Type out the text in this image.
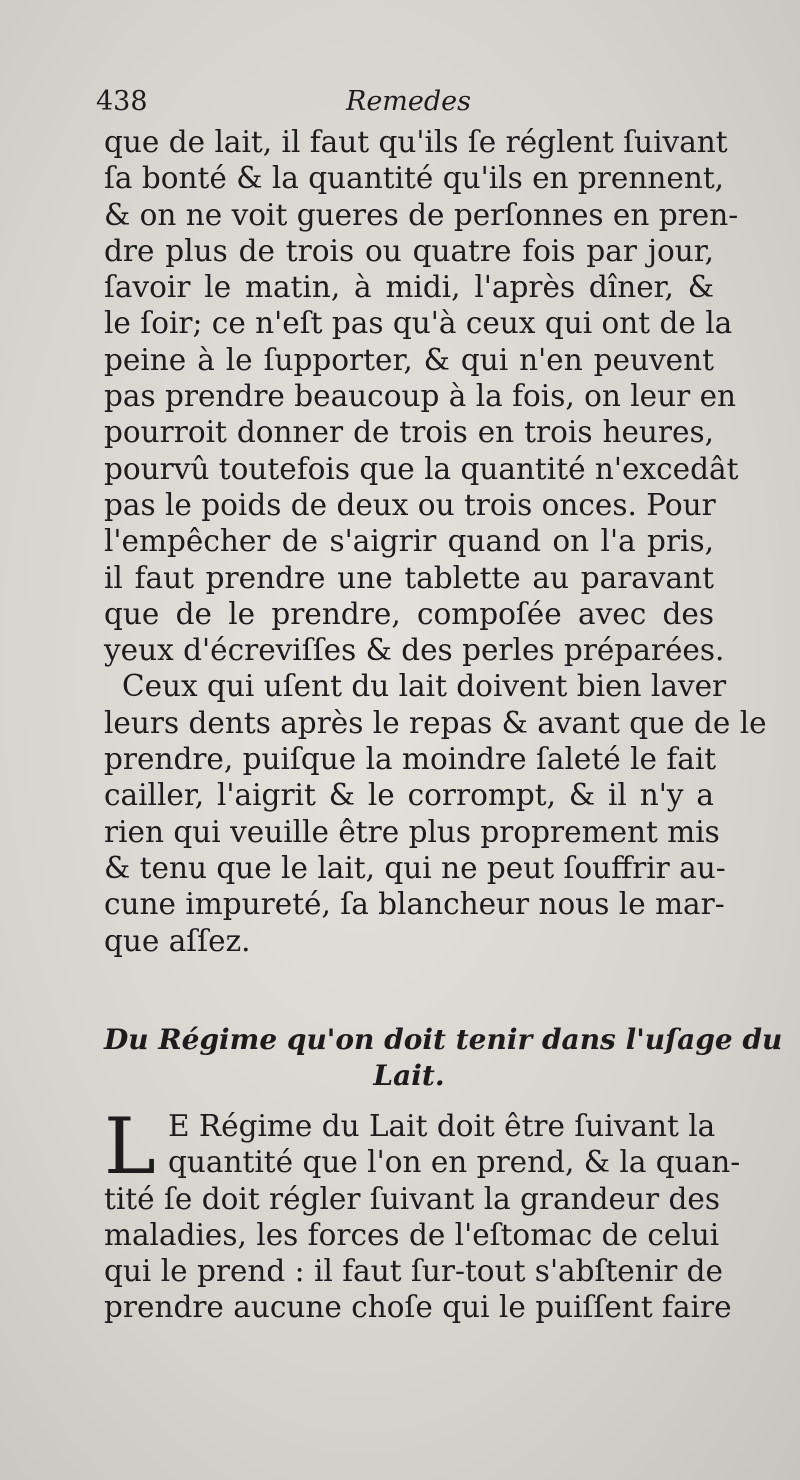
438	Remedes
que de lait, il faut qu'ils ſe réglent ſuivant
ſa bonté & la quantité qu'ils en prennent,
& on ne voit gueres de perſonnes en pren-
dre plus de trois ou quatre fois par jour,
ſavoir le matin, à midi, l'après dîner, &
le ſoir; ce n'eſt pas qu'à ceux qui ont de la
peine à le ſupporter, & qui n'en peuvent
pas prendre beaucoup à la fois, on leur en
pourroit donner de trois en trois heures,
pourvû toutefois que la quantité n'excedât
pas le poids de deux ou trois onces. Pour
l'empêcher de s'aigrir quand on l'a pris,
il faut prendre une tablette au paravant
que de le prendre, compoſée avec des
yeux d'écreviſſes & des perles préparées.
Ceux qui uſent du lait doivent bien laver
leurs dents après le repas & avant que de le
prendre, puiſque la moindre ſaleté le fait
cailler, l'aigrit & le corrompt, & il n'y a
rien qui veuille être plus proprement mis
& tenu que le lait, qui ne peut ſouffrir au-
cune impureté, ſa blancheur nous le mar-
que aſſez.
Du Régime qu'on doit tenir dans l'uſage du
Lait.
L E Régime du Lait doit être ſuivant la
quantité que l'on en prend, & la quan-
tité ſe doit régler ſuivant la grandeur des
maladies, les forces de l'eſtomac de celui
qui le prend : il faut ſur-tout s'abſtenir de
prendre aucune choſe qui le puiſſent faire
